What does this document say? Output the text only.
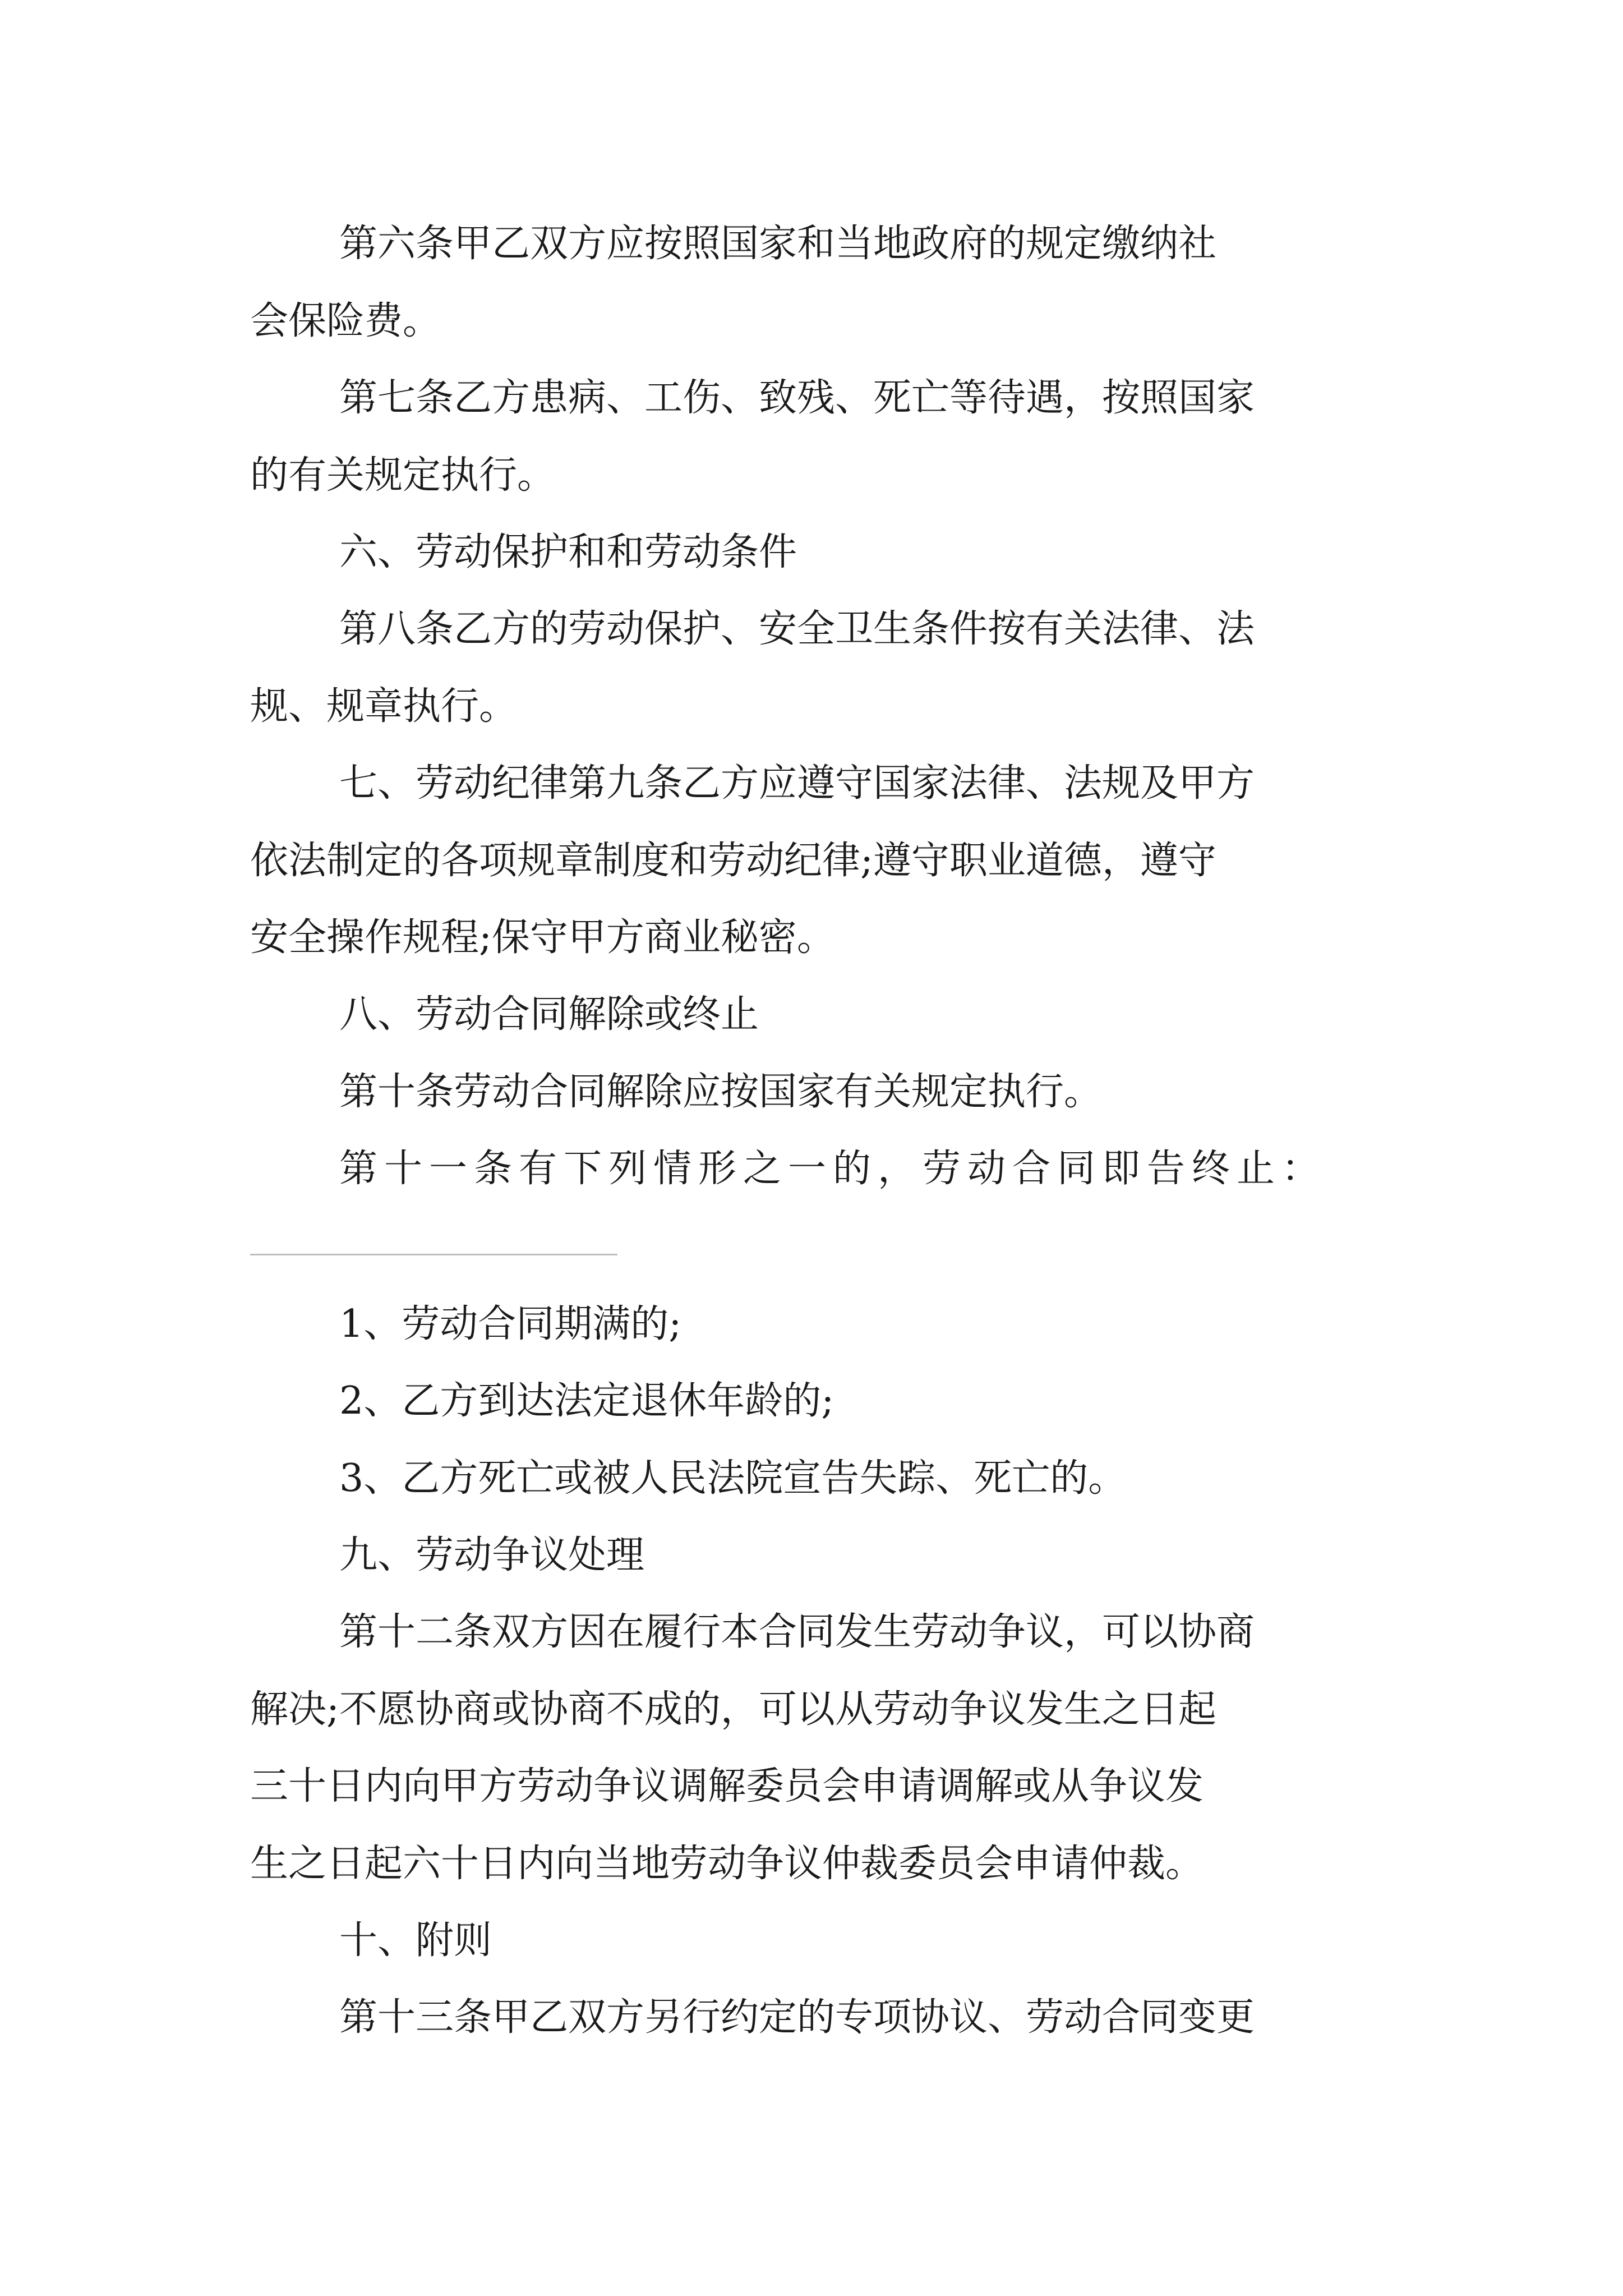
第六条甲乙双方应按照国家和当地政府的规定缴纳社
会保险费。
第七条乙方患病、工伤、致残、死亡等待遇，按照国家
的有关规定执行。
六、劳动保护和和劳动条件
第八条乙方的劳动保护、安全卫生条件按有关法律、法
规、规章执行。
七、劳动纪律第九条乙方应遵守国家法律、法规及甲方
依法制定的各项规章制度和劳动纪律;遵守职业道德，遵守
安全操作规程;保守甲方商业秘密。
八、劳动合同解除或终止
第十条劳动合同解除应按国家有关规定执行。
第十一条有下列情形之一的，劳动合同即告终止：
1、劳动合同期满的;
2、乙方到达法定退休年龄的;
3、乙方死亡或被人民法院宣告失踪、死亡的。
九、劳动争议处理
第十二条双方因在履行本合同发生劳动争议，可以协商
解决;不愿协商或协商不成的，可以从劳动争议发生之日起
三十日内向甲方劳动争议调解委员会申请调解或从争议发
生之日起六十日内向当地劳动争议仲裁委员会申请仲裁。
十、附则
第十三条甲乙双方另行约定的专项协议、劳动合同变更
